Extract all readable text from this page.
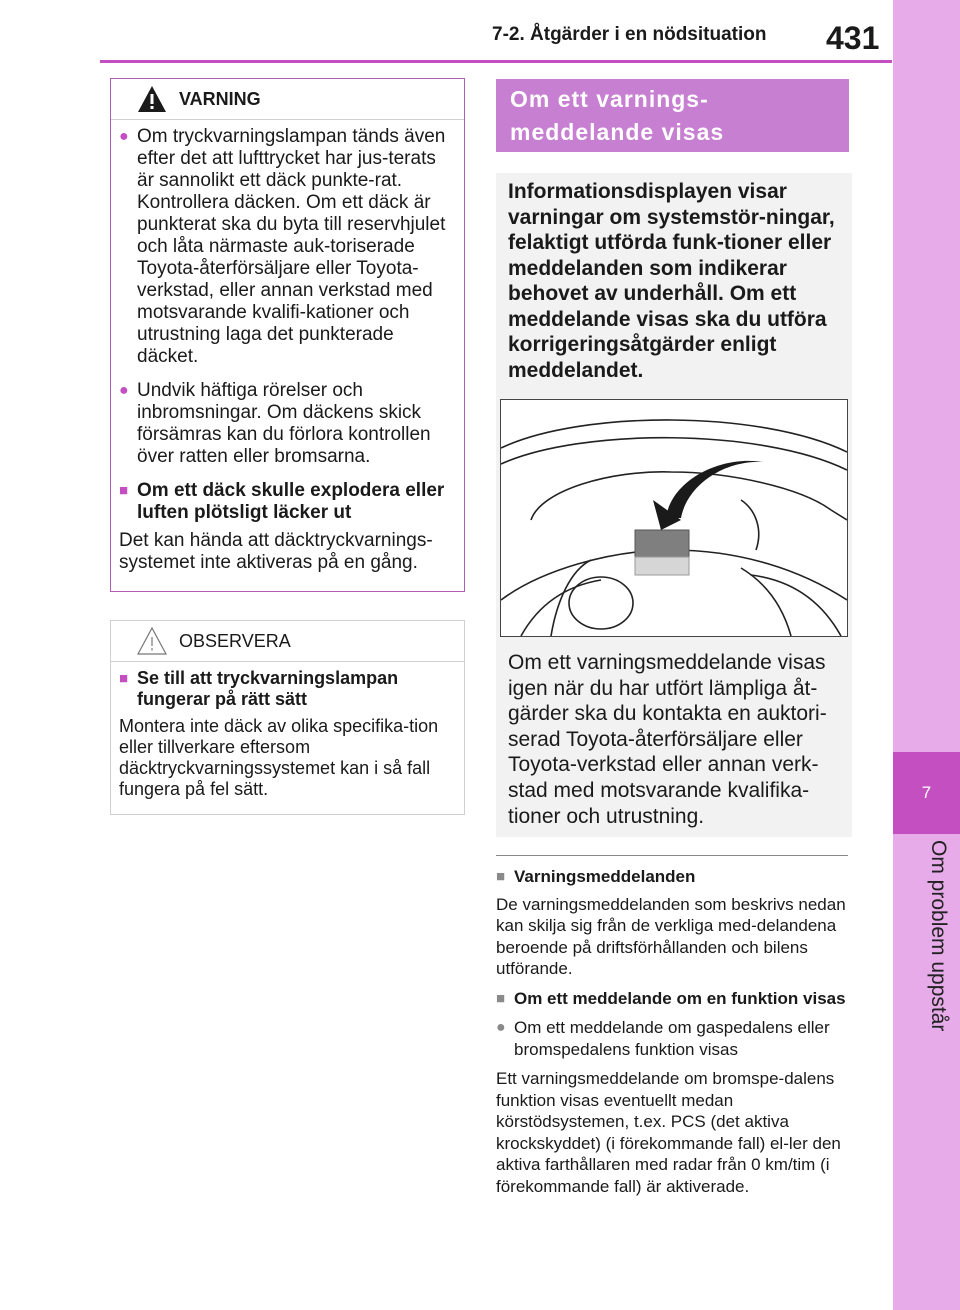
7-2. Åtgärder i en nödsituation 431
7
Om problem uppstår
VARNING
● Om tryckvarningslampan tänds även efter det att lufttrycket har jus-terats är sannolikt ett däck punkte-rat. Kontrollera däcken. Om ett däck är punkterat ska du byta till reservhjulet och låta närmaste auk-toriserade Toyota-återförsäljare eller Toyota-verkstad, eller annan verkstad med motsvarande kvalifi-kationer och utrustning laga det punkterade däcket.
● Undvik häftiga rörelser och inbromsningar. Om däckens skick försämras kan du förlora kontrollen över ratten eller bromsarna.
■ Om ett däck skulle explodera eller luften plötsligt läcker ut

Det kan hända att däcktryckvarnings-systemet inte aktiveras på en gång.

OBSERVERA
■ Se till att tryckvarningslampan fungerar på rätt sätt

Montera inte däck av olika specifika-tion eller tillverkare eftersom däcktryckvarningssystemet kan i så fall fungera på fel sätt.

Om ett varnings-meddelande visas
Informationsdisplayen visar varningar om systemstör-ningar, felaktigt utförda funk-tioner eller meddelanden som indikerar behovet av underhåll. Om ett meddelande visas ska du utföra korrigeringsåtgärder enligt meddelandet.
Om ett varningsmeddelande visas igen när du har utfört lämpliga åt-gärder ska du kontakta en auktori-serad Toyota-återförsäljare eller Toyota-verkstad eller annan verk-stad med motsvarande kvalifika-tioner och utrustning.
■ Varningsmeddelanden

De varningsmeddelanden som beskrivs nedan kan skilja sig från de verkliga med-delandena beroende på driftsförhållanden och bilens utförande.

■ Om ett meddelande om en funktion visas
● Om ett meddelande om gaspedalens eller bromspedalens funktion visas

Ett varningsmeddelande om bromspe-dalens funktion visas eventuellt medan körstödsystemen, t.ex. PCS (det aktiva krockskyddet) (i förekommande fall) el-ler den aktiva farthållaren med radar från 0 km/tim (i förekommande fall) är aktiverade.
